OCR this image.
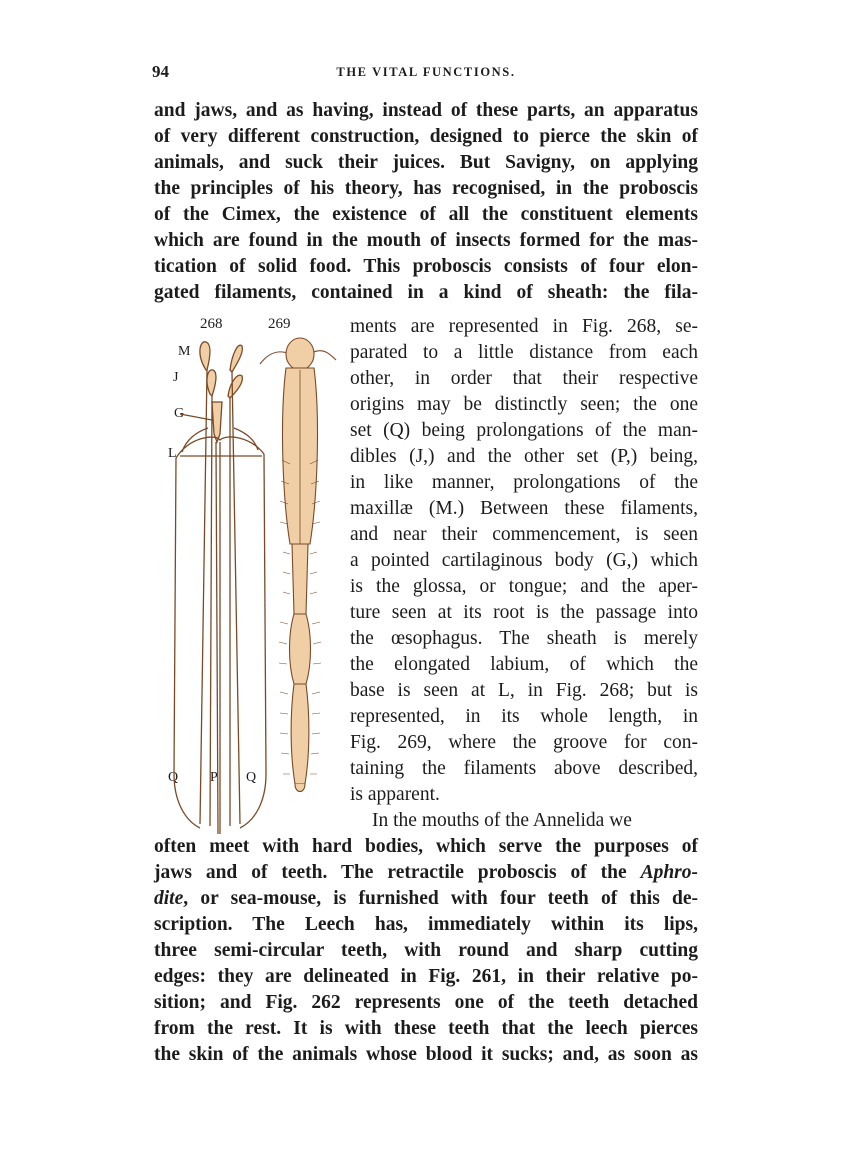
94	THE VITAL FUNCTIONS.
and jaws, and as having, instead of these parts, an apparatus
of very different construction, designed to pierce the skin of
animals, and suck their juices. But Savigny, on applying
the principles of his theory, has recognised, in the proboscis
of the Cimex, the existence of all the constituent elements
which are found in the mouth of insects formed for the mas-
tication of solid food. This proboscis consists of four elon-
gated filaments, contained in a kind of sheath: the fila-
ments are represented in Fig. 268, se-
parated to a little distance from each
other, in order that their respective
origins may be distinctly seen; the one
set (Q) being prolongations of the man-
dibles (J,) and the other set (P,) being,
in like manner, prolongations of the
maxillæ (M.) Between these filaments,
and near their commencement, is seen
a pointed cartilaginous body (G,) which
is the glossa, or tongue; and the aper-
ture seen at its root is the passage into
the œsophagus. The sheath is merely
the elongated labium, of which the
base is seen at L, in Fig. 268; but is
represented, in its whole length, in
Fig. 269, where the groove for con-
taining the filaments above described,
is apparent.
In the mouths of the Annelida we
often meet with hard bodies, which serve the purposes of
jaws and of teeth. The retractile proboscis of the Aphro-
dite, or sea-mouse, is furnished with four teeth of this de-
scription. The Leech has, immediately within its lips,
three semi-circular teeth, with round and sharp cutting
edges: they are delineated in Fig. 261, in their relative po-
sition; and Fig. 262 represents one of the teeth detached
from the rest. It is with these teeth that the leech pierces
the skin of the animals whose blood it sucks; and, as soon as
268	269
M
J
G
L
Q P Q
